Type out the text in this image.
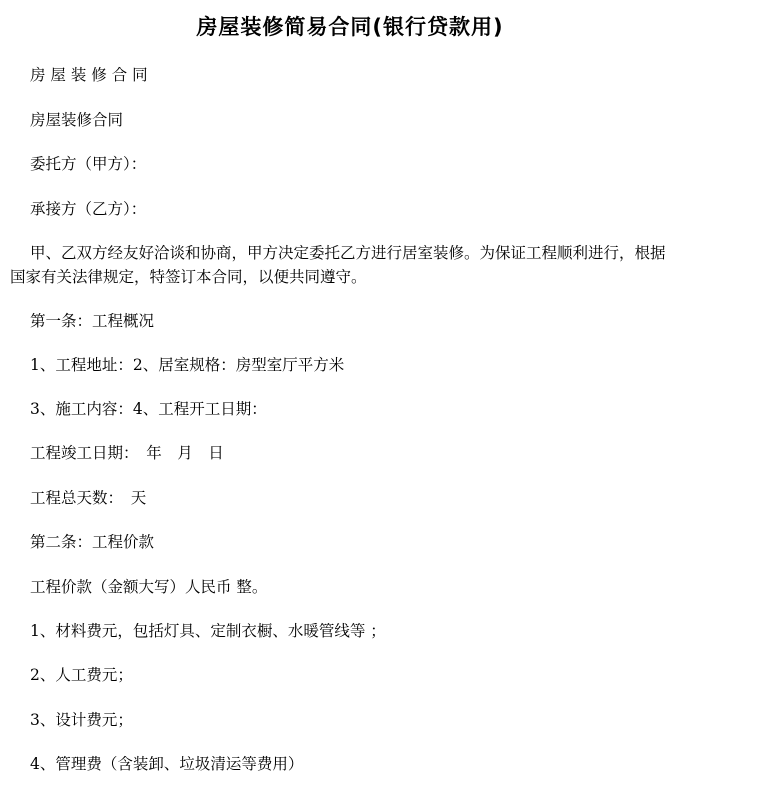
房屋装修简易合同(银行贷款用)
房 屋 装 修 合 同
房屋装修合同
委托方（甲方）：
承接方（乙方）：
甲、乙双方经友好洽谈和协商，甲方决定委托乙方进行居室装修。为保证工程顺利进行，根据国家有关法律规定，特签订本合同，以便共同遵守。
第一条：工程概况
1、工程地址：2、居室规格：房型室厅平方米
3、施工内容：4、工程开工日期：
工程竣工日期：　年　月　日
工程总天数：　天
第二条：工程价款
工程价款（金额大写）人民币 整。
1、材料费元，包括灯具、定制衣橱、水暖管线等 ；
2、人工费元；
3、设计费元；
4、管理费（含装卸、垃圾清运等费用）
